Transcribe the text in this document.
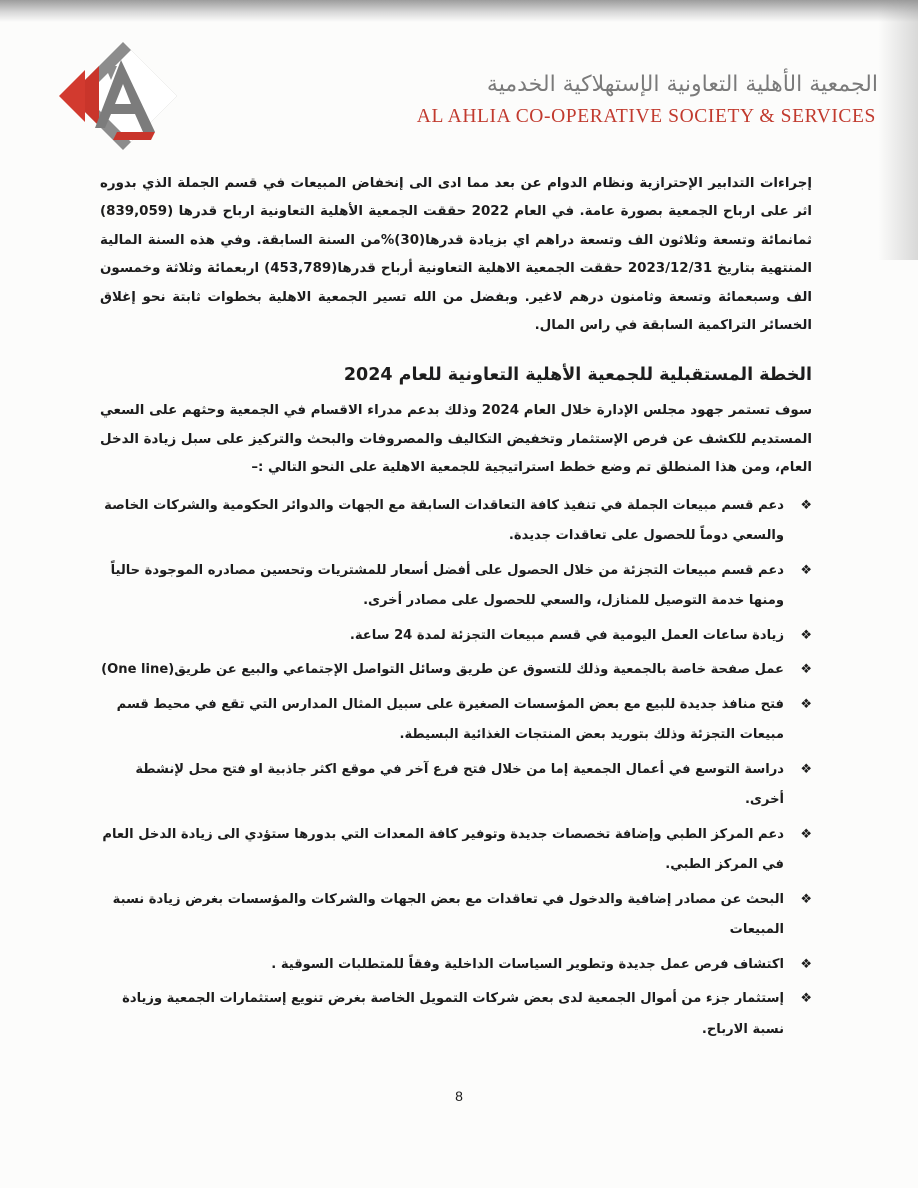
الجمعية الأهلية التعاونية الإستهلاكية الخدمية
AL AHLIA CO-OPERATIVE SOCIETY & SERVICES

إجراءات التدابير الإحترازية ونظام الدوام عن بعد مما ادى الى إنخفاض المبيعات في قسم الجملة الذي بدوره اثر على ارباح الجمعية بصورة عامة. في العام 2022 حققت الجمعية الأهلية التعاونية ارباح قدرها (839,059) ثمانمائة وتسعة وثلاثون الف وتسعة دراهم اي بزيادة قدرها(30)%من السنة السابقة. وفي هذه السنة المالية المنتهية بتاريخ 2023/12/31 حققت الجمعية الاهلية التعاونية أرباح قدرها(453,789) اربعمائة وثلاثة وخمسون الف وسبعمائة وتسعة وثامنون درهم لاغير. وبفضل من الله تسير الجمعية الاهلية بخطوات ثابتة نحو إغلاق الخسائر التراكمية السابقة في راس المال.

الخطة المستقبلية للجمعية الأهلية التعاونية للعام 2024

سوف تستمر جهود مجلس الإدارة خلال العام 2024 وذلك بدعم مدراء الاقسام في الجمعية وحثهم على السعي المستديم للكشف عن فرص الإستثمار وتخفيض التكاليف والمصروفات والبحث والتركيز على سبل زيادة الدخل العام، ومن هذا المنطلق تم وضع خطط استراتيجية للجمعية الاهلية على النحو التالي :–

❖
دعم قسم مبيعات الجملة في تنفيذ كافة التعاقدات السابقة مع الجهات والدوائر الحكومية والشركات الخاصة والسعي دوماً للحصول على تعاقدات جديدة.
❖
دعم قسم مبيعات التجزئة من خلال الحصول على أفضل أسعار للمشتريات وتحسين مصادره الموجودة حالياً ومنها خدمة التوصيل للمنازل، والسعي للحصول على مصادر أخرى.
❖
زيادة ساعات العمل اليومية في قسم مبيعات التجزئة لمدة 24 ساعة.
❖
عمل صفحة خاصة بالجمعية وذلك للتسوق عن طريق وسائل التواصل الإجتماعي والبيع عن طريق(One line)
❖
فتح منافذ جديدة للبيع مع بعض المؤسسات الصغيرة على سبيل المثال المدارس التي تقع في محيط قسم مبيعات التجزئة وذلك بتوريد بعض المنتجات الغذائية البسيطة.
❖
دراسة التوسع في أعمال الجمعية إما من خلال فتح فرع آخر في موقع اكثر جاذبية او فتح محل لإنشطة أخرى.
❖
دعم المركز الطبي وإضافة تخصصات جديدة وتوفير كافة المعدات التي بدورها ستؤدي الى زيادة الدخل العام في المركز الطبي.
❖
البحث عن مصادر إضافية والدخول في تعاقدات مع بعض الجهات والشركات والمؤسسات بغرض زيادة نسبة المبيعات
❖
اكتشاف فرص عمل جديدة وتطوير السياسات الداخلية وفقاً للمتطلبات السوقية .
❖
إستثمار جزء من أموال الجمعية لدى بعض شركات التمويل الخاصة بغرض تنويع إستثمارات الجمعية وزيادة نسبة الارباح.
8
